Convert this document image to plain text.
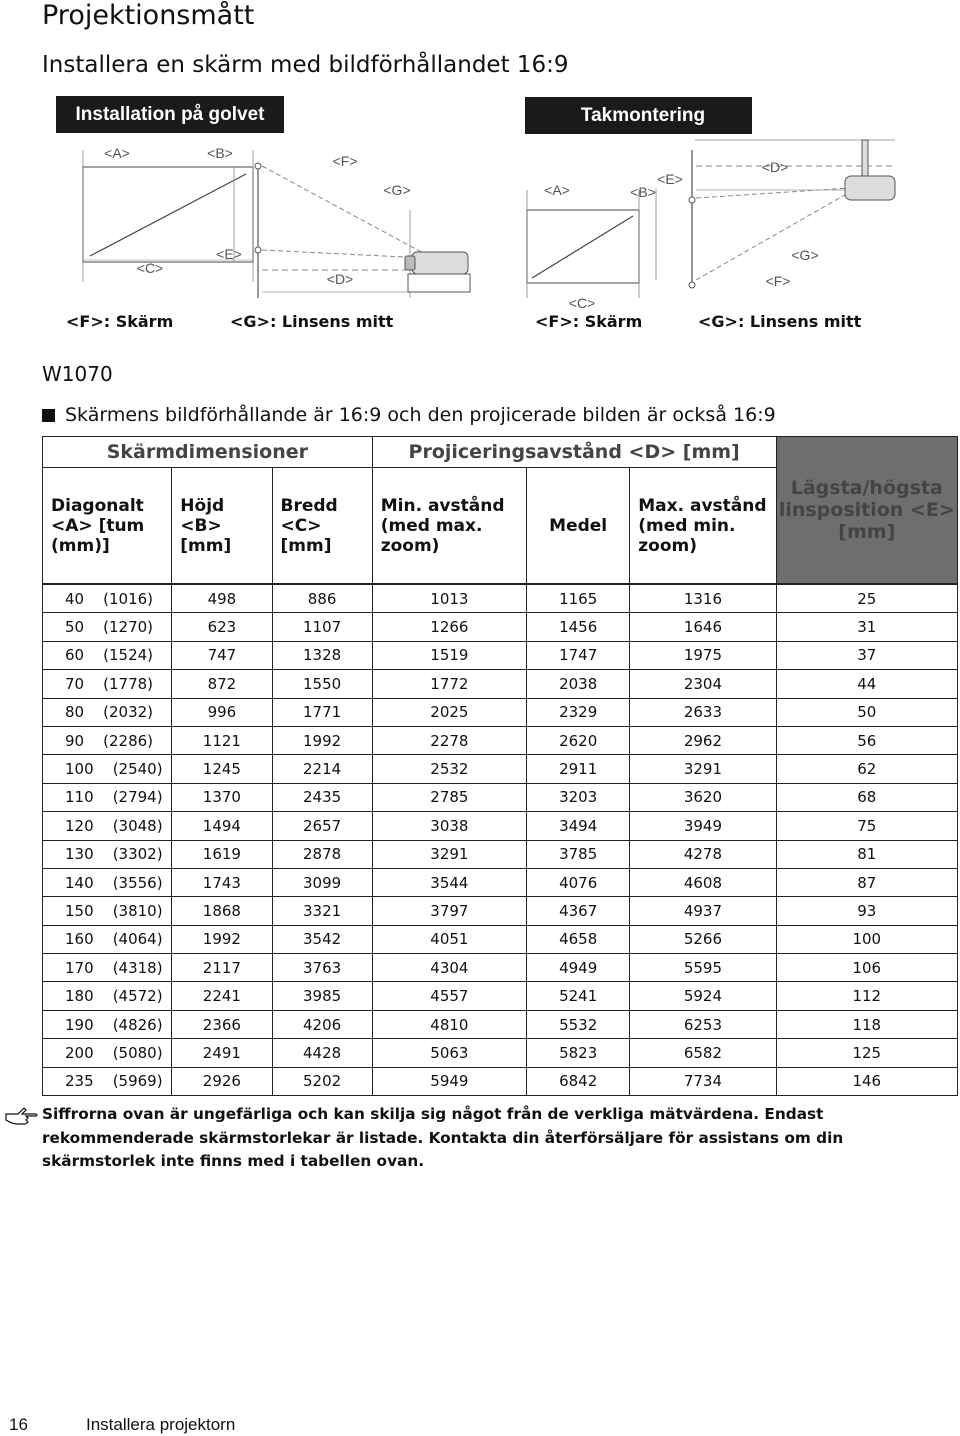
Projektionsmått
Installera en skärm med bildförhållandet 16:9
Installation på golvet
<A>	<B>
<C>
<E>
<F>
<G>
<D>
<F>: Skärm	<G>: Linsens mitt
Takmontering
<A>	<B>
<C>
<D>
<E>
<F>
<G>
<F>: Skärm	<G>: Linsens mitt
W1070
Skärmens bildförhållande är 16:9 och den projicerade bilden är också 16:9
Skärmdimensioner			Projiceringsavstånd <D> [mm]			Lägsta/högsta linsposition <E> [mm]
Diagonalt <A> [tum (mm)]	Höjd <B> [mm]	Bredd <C> [mm]	Min. avstånd (med max. zoom)	Medel	Max. avstånd (med min. zoom)	
40 (1016)	498	886	1013	1165	1316	25
50 (1270)	623	1107	1266	1456	1646	31
60 (1524)	747	1328	1519	1747	1975	37
70 (1778)	872	1550	1772	2038	2304	44
80 (2032)	996	1771	2025	2329	2633	50
90 (2286)	1121	1992	2278	2620	2962	56
100 (2540)	1245	2214	2532	2911	3291	62
110 (2794)	1370	2435	2785	3203	3620	68
120 (3048)	1494	2657	3038	3494	3949	75
130 (3302)	1619	2878	3291	3785	4278	81
140 (3556)	1743	3099	3544	4076	4608	87
150 (3810)	1868	3321	3797	4367	4937	93
160 (4064)	1992	3542	4051	4658	5266	100
170 (4318)	2117	3763	4304	4949	5595	106
180 (4572)	2241	3985	4557	5241	5924	112
190 (4826)	2366	4206	4810	5532	6253	118
200 (5080)	2491	4428	5063	5823	6582	125
235 (5969)	2926	5202	5949	6842	7734	146
Siffrorna ovan är ungefärliga och kan skilja sig något från de verkliga mätvärdena. Endast rekommenderade skärmstorlekar är listade. Kontakta din återförsäljare för assistans om din skärmstorlek inte finns med i tabellen ovan.
16	Installera projektorn
